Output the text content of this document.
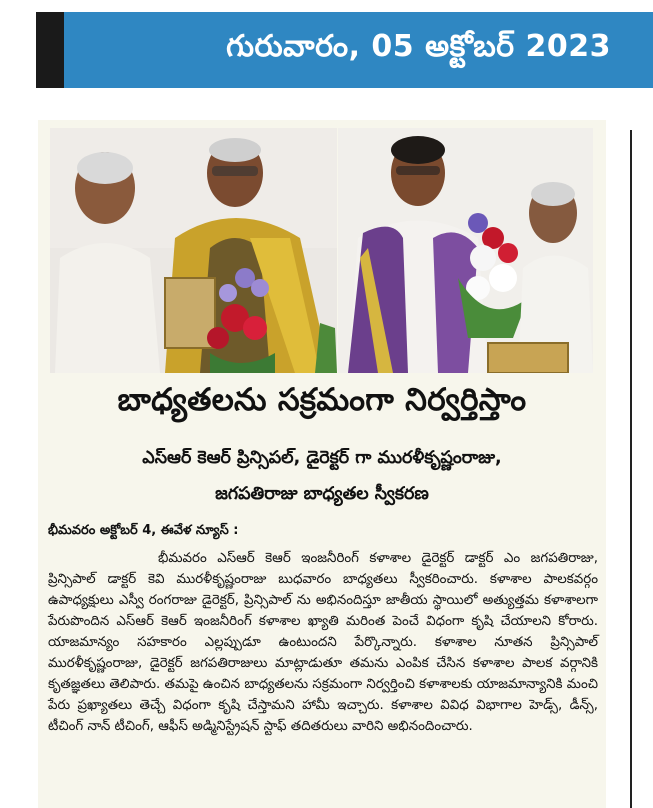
గురువారం, 05 అక్టోబర్ 2023
బాధ్యతలను సక్రమంగా నిర్వర్తిస్తాం
ఎస్ఆర్ కెఆర్ ప్రిన్సిపల్, డైరెక్టర్ గా మురళీకృష్ణంరాజు,
జగపతిరాజు బాధ్యతల స్వీకరణ
భీమవరం అక్టోబర్ 4, ఈవేళ న్యూస్ :

భీమవరం ఎస్ఆర్ కెఆర్ ఇంజనీరింగ్ కళాశాల డైరెక్టర్ డాక్టర్ ఎం జగపతిరాజు, ప్రిన్సిపాల్ డాక్టర్ కెవి మురళీకృష్ణంరాజు బుధవారం బాధ్యతలు స్వీకరించారు. కళాశాల పాలకవర్గం ఉపాధ్యక్షులు ఎస్వీ రంగరాజు డైరెక్టర్, ప్రిన్సిపాల్ ను అభినందిస్తూ జాతీయ స్థాయిలో అత్యుత్తమ కళాశాలగా పేరుపొందిన ఎస్ఆర్ కెఆర్ ఇంజనీరింగ్ కళాశాల ఖ్యాతి మరింత పెంచే విధంగా కృషి చేయాలని కోరారు. యాజమాన్యం సహకారం ఎల్లప్పుడూ ఉంటుందని పేర్కొన్నారు. కళాశాల నూతన ప్రిన్సిపాల్ మురళీకృష్ణంరాజు, డైరెక్టర్ జగపతిరాజులు మాట్లాడుతూ తమను ఎంపిక చేసిన కళాశాల పాలక వర్గానికి కృతజ్ఞతలు తెలిపారు. తమపై ఉంచిన బాధ్యతలను సక్రమంగా నిర్వర్తించి కళాశాలకు యాజమాన్యానికి మంచి పేరు ప్రఖ్యాతలు తెచ్చే విధంగా కృషి చేస్తామని హామీ ఇచ్చారు. కళాశాల వివిధ విభాగాల హెడ్స్, డీన్స్, టీచింగ్ నాన్ టీచింగ్, ఆఫీస్ అడ్మినిస్ట్రేషన్ స్టాఫ్ తదితరులు వారిని అభినందించారు.
